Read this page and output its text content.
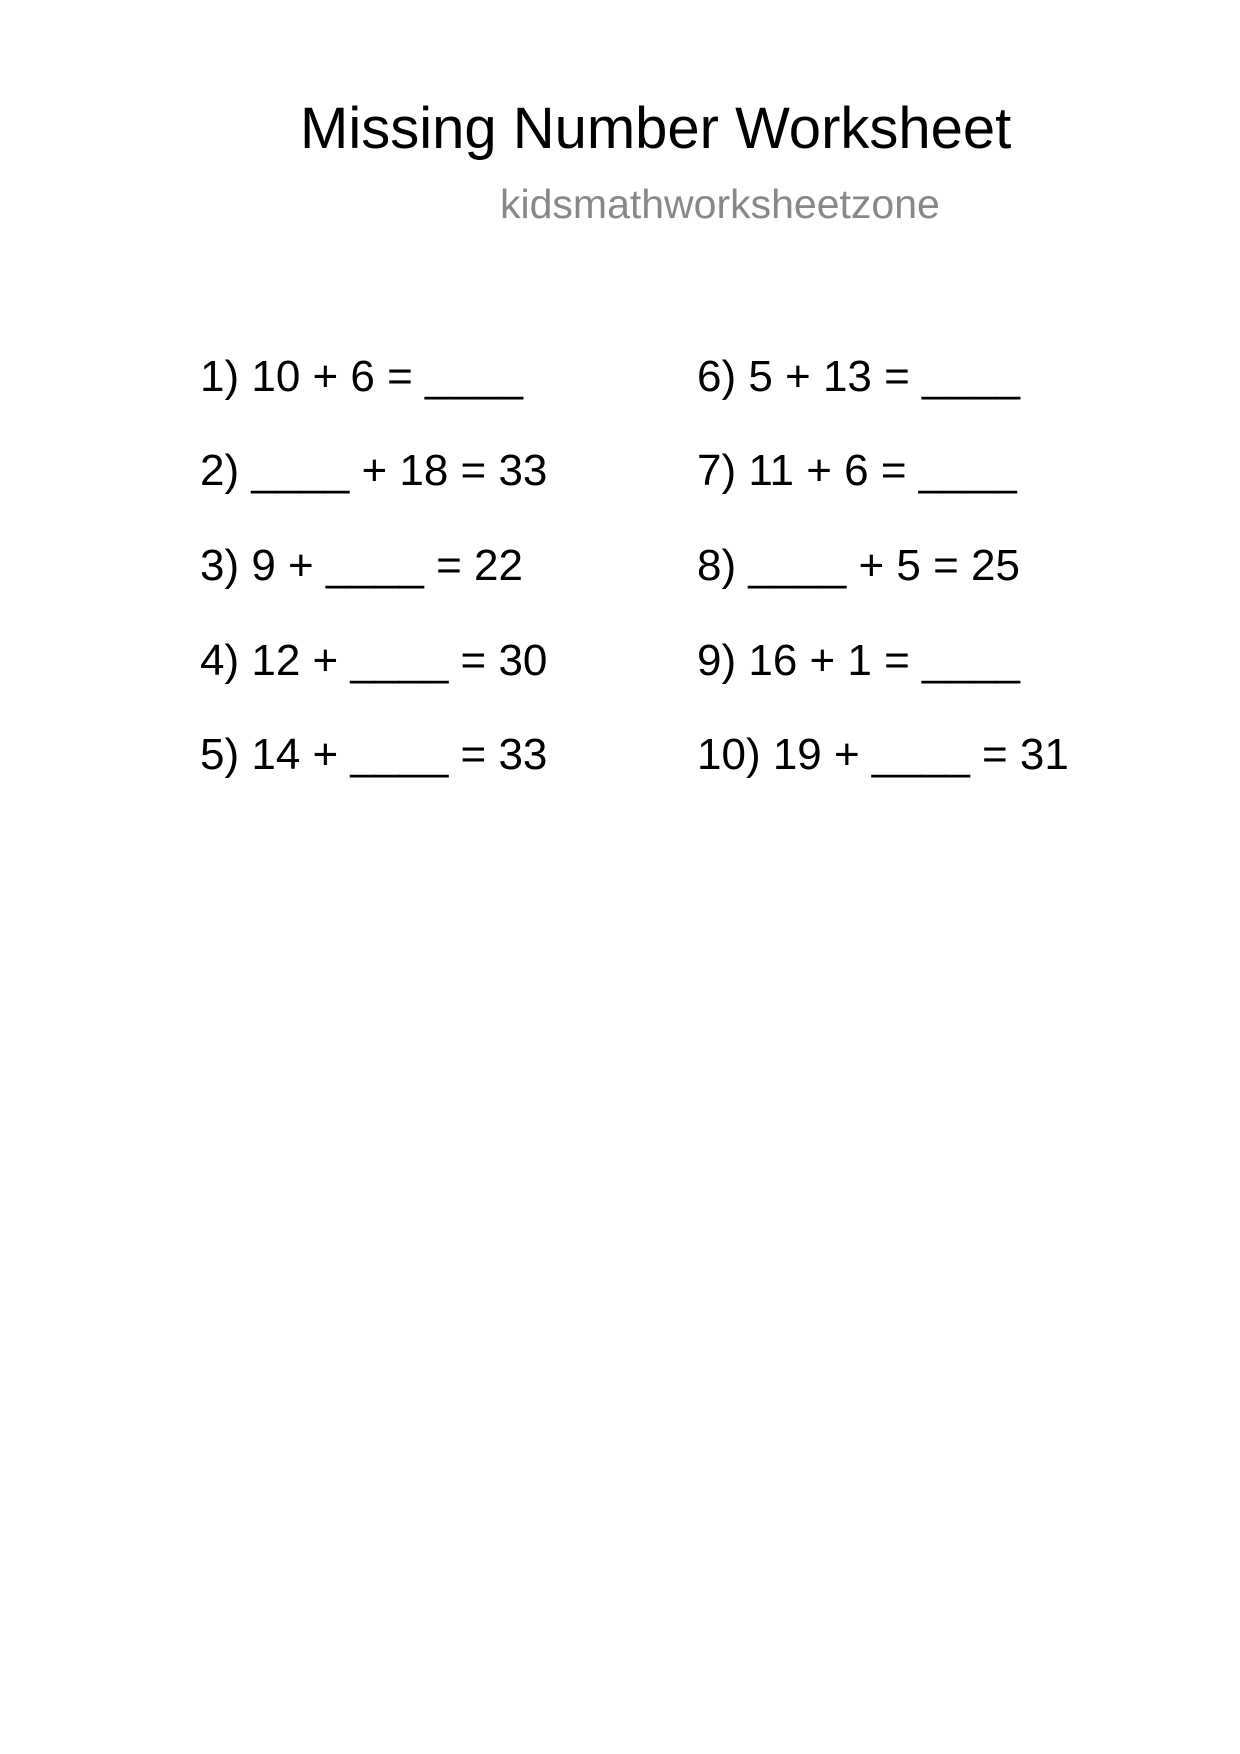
Missing Number Worksheet
kidsmathworksheetzone
1) 10 + 6 = ____
2) ____ + 18 = 33
3) 9 + ____ = 22
4) 12 + ____ = 30
5) 14 + ____ = 33
6) 5 + 13 = ____
7) 11 + 6 = ____
8) ____ + 5 = 25
9) 16 + 1 = ____
10) 19 + ____ = 31
